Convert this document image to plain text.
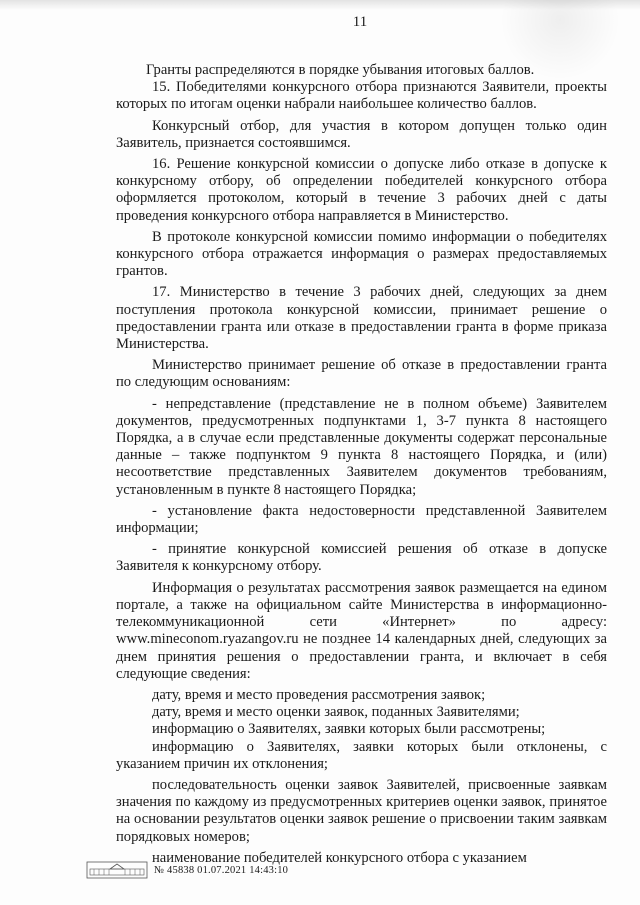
11

Гранты распределяются в порядке убывания итоговых баллов.

15. Победителями конкурсного отбора признаются Заявители, проекты которых по итогам оценки набрали наибольшее количество баллов.

Конкурсный отбор, для участия в котором допущен только один Заявитель, признается состоявшимся.

16. Решение конкурсной комиссии о допуске либо отказе в допуске к конкурсному отбору, об определении победителей конкурсного отбора оформляется протоколом, который в течение 3 рабочих дней с даты проведения конкурсного отбора направляется в Министерство.

В протоколе конкурсной комиссии помимо информации о победителях конкурсного отбора отражается информация о размерах предоставляемых грантов.

17. Министерство в течение 3 рабочих дней, следующих за днем поступления протокола конкурсной комиссии, принимает решение о предоставлении гранта или отказе в предоставлении гранта в форме приказа Министерства.

Министерство принимает решение об отказе в предоставлении гранта по следующим основаниям:

- непредставление (представление не в полном объеме) Заявителем документов, предусмотренных подпунктами 1, 3-7 пункта 8 настоящего Порядка, а в случае если представленные документы содержат персональные данные – также подпунктом 9 пункта 8 настоящего Порядка, и (или) несоответствие представленных Заявителем документов требованиям, установленным в пункте 8 настоящего Порядка;

- установление факта недостоверности представленной Заявителем информации;

- принятие конкурсной комиссией решения об отказе в допуске Заявителя к конкурсному отбору.

Информация о результатах рассмотрения заявок размещается на едином портале, а также на официальном сайте Министерства в информационно-телекоммуникационной сети «Интернет» по адресу: www.mineconom.ryazangov.ru не позднее 14 календарных дней, следующих за днем принятия решения о предоставлении гранта, и включает в себя следующие сведения:

дату, время и место проведения рассмотрения заявок;

дату, время и место оценки заявок, поданных Заявителями;

информацию о Заявителях, заявки которых были рассмотрены;

информацию о Заявителях, заявки которых были отклонены, с указанием причин их отклонения;

последовательность оценки заявок Заявителей, присвоенные заявкам значения по каждому из предусмотренных критериев оценки заявок, принятое на основании результатов оценки заявок решение о присвоении таким заявкам порядковых номеров;

наименование победителей конкурсного отбора с указанием

№ 45838 01.07.2021 14:43:10
